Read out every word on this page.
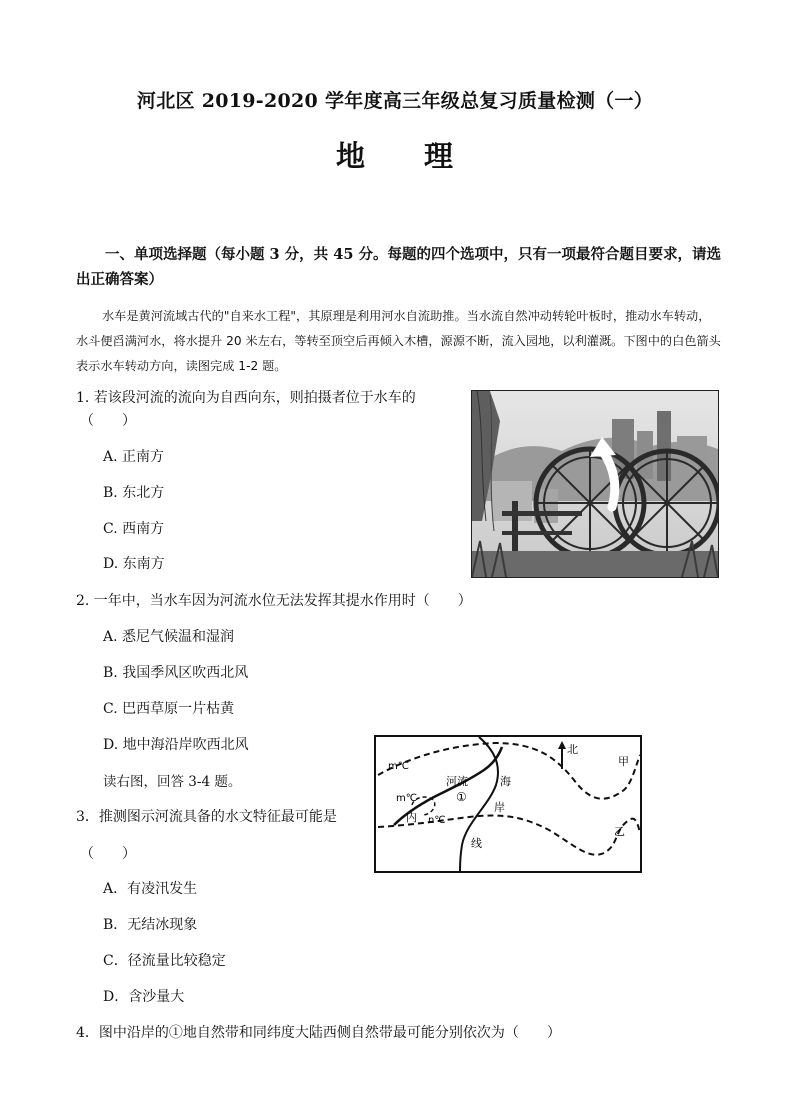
河北区 2019-2020 学年度高三年级总复习质量检测（一）
地 理
一、单项选择题（每小题 3 分，共 45 分。每题的四个选项中，只有一项最符合题目要求，请选出正确答案）
水车是黄河流域古代的"自来水工程"，其原理是利用河水自流助推。当水流自然冲动转轮叶板时，推动水车转动，水斗便舀满河水，将水提升 20 米左右，等转至顶空后再倾入木槽，源源不断，流入园地，以利灌溉。下图中的白色箭头表示水车转动方向，读图完成 1-2 题。
1. 若该段河流的流向为自西向东，则拍摄者位于水车的
（　　）
A. 正南方
B. 东北方
C. 西南方
D. 东南方
2. 一年中，当水车因为河流水位无法发挥其提水作用时（　　）
A. 悉尼气候温和湿润
B. 我国季风区吹西北风
C. 巴西草原一片枯黄
D. 地中海沿岸吹西北风
读右图，回答 3-4 题。
北
m℃
m℃
n℃
河流
内
①
海
岸
线
甲
乙
3．推测图示河流具备的水文特征最可能是
（　　）
A．有凌汛发生
B．无结冰现象
C．径流量比较稳定
D．含沙量大
4．图中沿岸的①地自然带和同纬度大陆西侧自然带最可能分别依次为（　　）
